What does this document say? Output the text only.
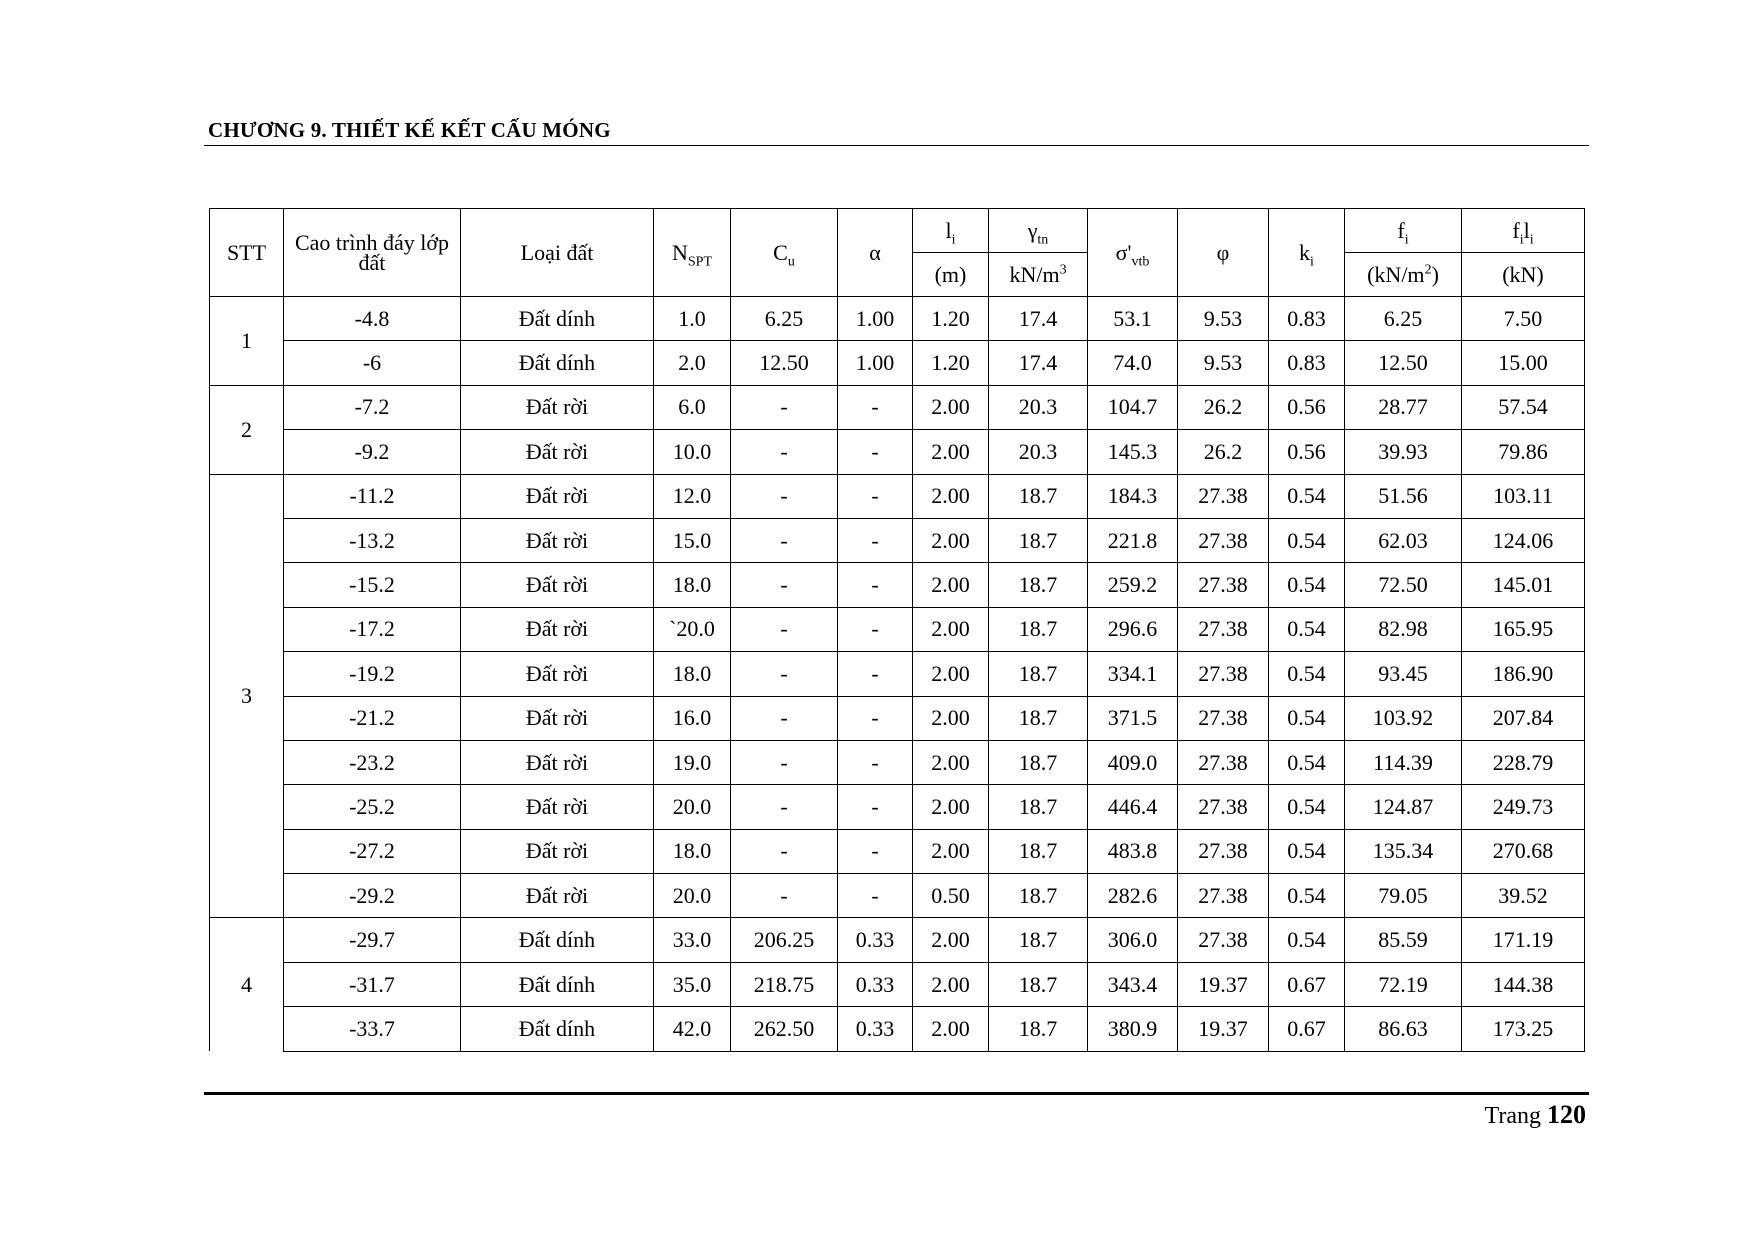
CHƯƠNG 9. THIẾT KẾ KẾT CẤU MÓNG
STT	Cao trình đáy lớp đất	Loại đất	$N_{SPT}$	$C_u$	α	$l_i$	$\gamma_{tn}$	$\sigma'_{vtb}$	φ	$k_i$	$f_i$	$f_il_i$
						(m)	$kN/m^3$				$(kN/m^2)$	(kN)
1	-4.8	Đất dính	1.0	6.25	1.00	1.20	17.4	53.1	9.53	0.83	6.25	7.50
	-6	Đất dính	2.0	12.50	1.00	1.20	17.4	74.0	9.53	0.83	12.50	15.00
2	-7.2	Đất rời	6.0	-	-	2.00	20.3	104.7	26.2	0.56	28.77	57.54
	-9.2	Đất rời	10.0	-	-	2.00	20.3	145.3	26.2	0.56	39.93	79.86
3	-11.2	Đất rời	12.0	-	-	2.00	18.7	184.3	27.38	0.54	51.56	103.11
	-13.2	Đất rời	15.0	-	-	2.00	18.7	221.8	27.38	0.54	62.03	124.06
	-15.2	Đất rời	18.0	-	-	2.00	18.7	259.2	27.38	0.54	72.50	145.01
	-17.2	Đất rời	`20.0	-	-	2.00	18.7	296.6	27.38	0.54	82.98	165.95
	-19.2	Đất rời	18.0	-	-	2.00	18.7	334.1	27.38	0.54	93.45	186.90
	-21.2	Đất rời	16.0	-	-	2.00	18.7	371.5	27.38	0.54	103.92	207.84
	-23.2	Đất rời	19.0	-	-	2.00	18.7	409.0	27.38	0.54	114.39	228.79
	-25.2	Đất rời	20.0	-	-	2.00	18.7	446.4	27.38	0.54	124.87	249.73
	-27.2	Đất rời	18.0	-	-	2.00	18.7	483.8	27.38	0.54	135.34	270.68
	-29.2	Đất rời	20.0	-	-	0.50	18.7	282.6	27.38	0.54	79.05	39.52
4	-29.7	Đất dính	33.0	206.25	0.33	2.00	18.7	306.0	27.38	0.54	85.59	171.19
	-31.7	Đất dính	35.0	218.75	0.33	2.00	18.7	343.4	19.37	0.67	72.19	144.38
	-33.7	Đất dính	42.0	262.50	0.33	2.00	18.7	380.9	19.37	0.67	86.63	173.25
Trang 120
